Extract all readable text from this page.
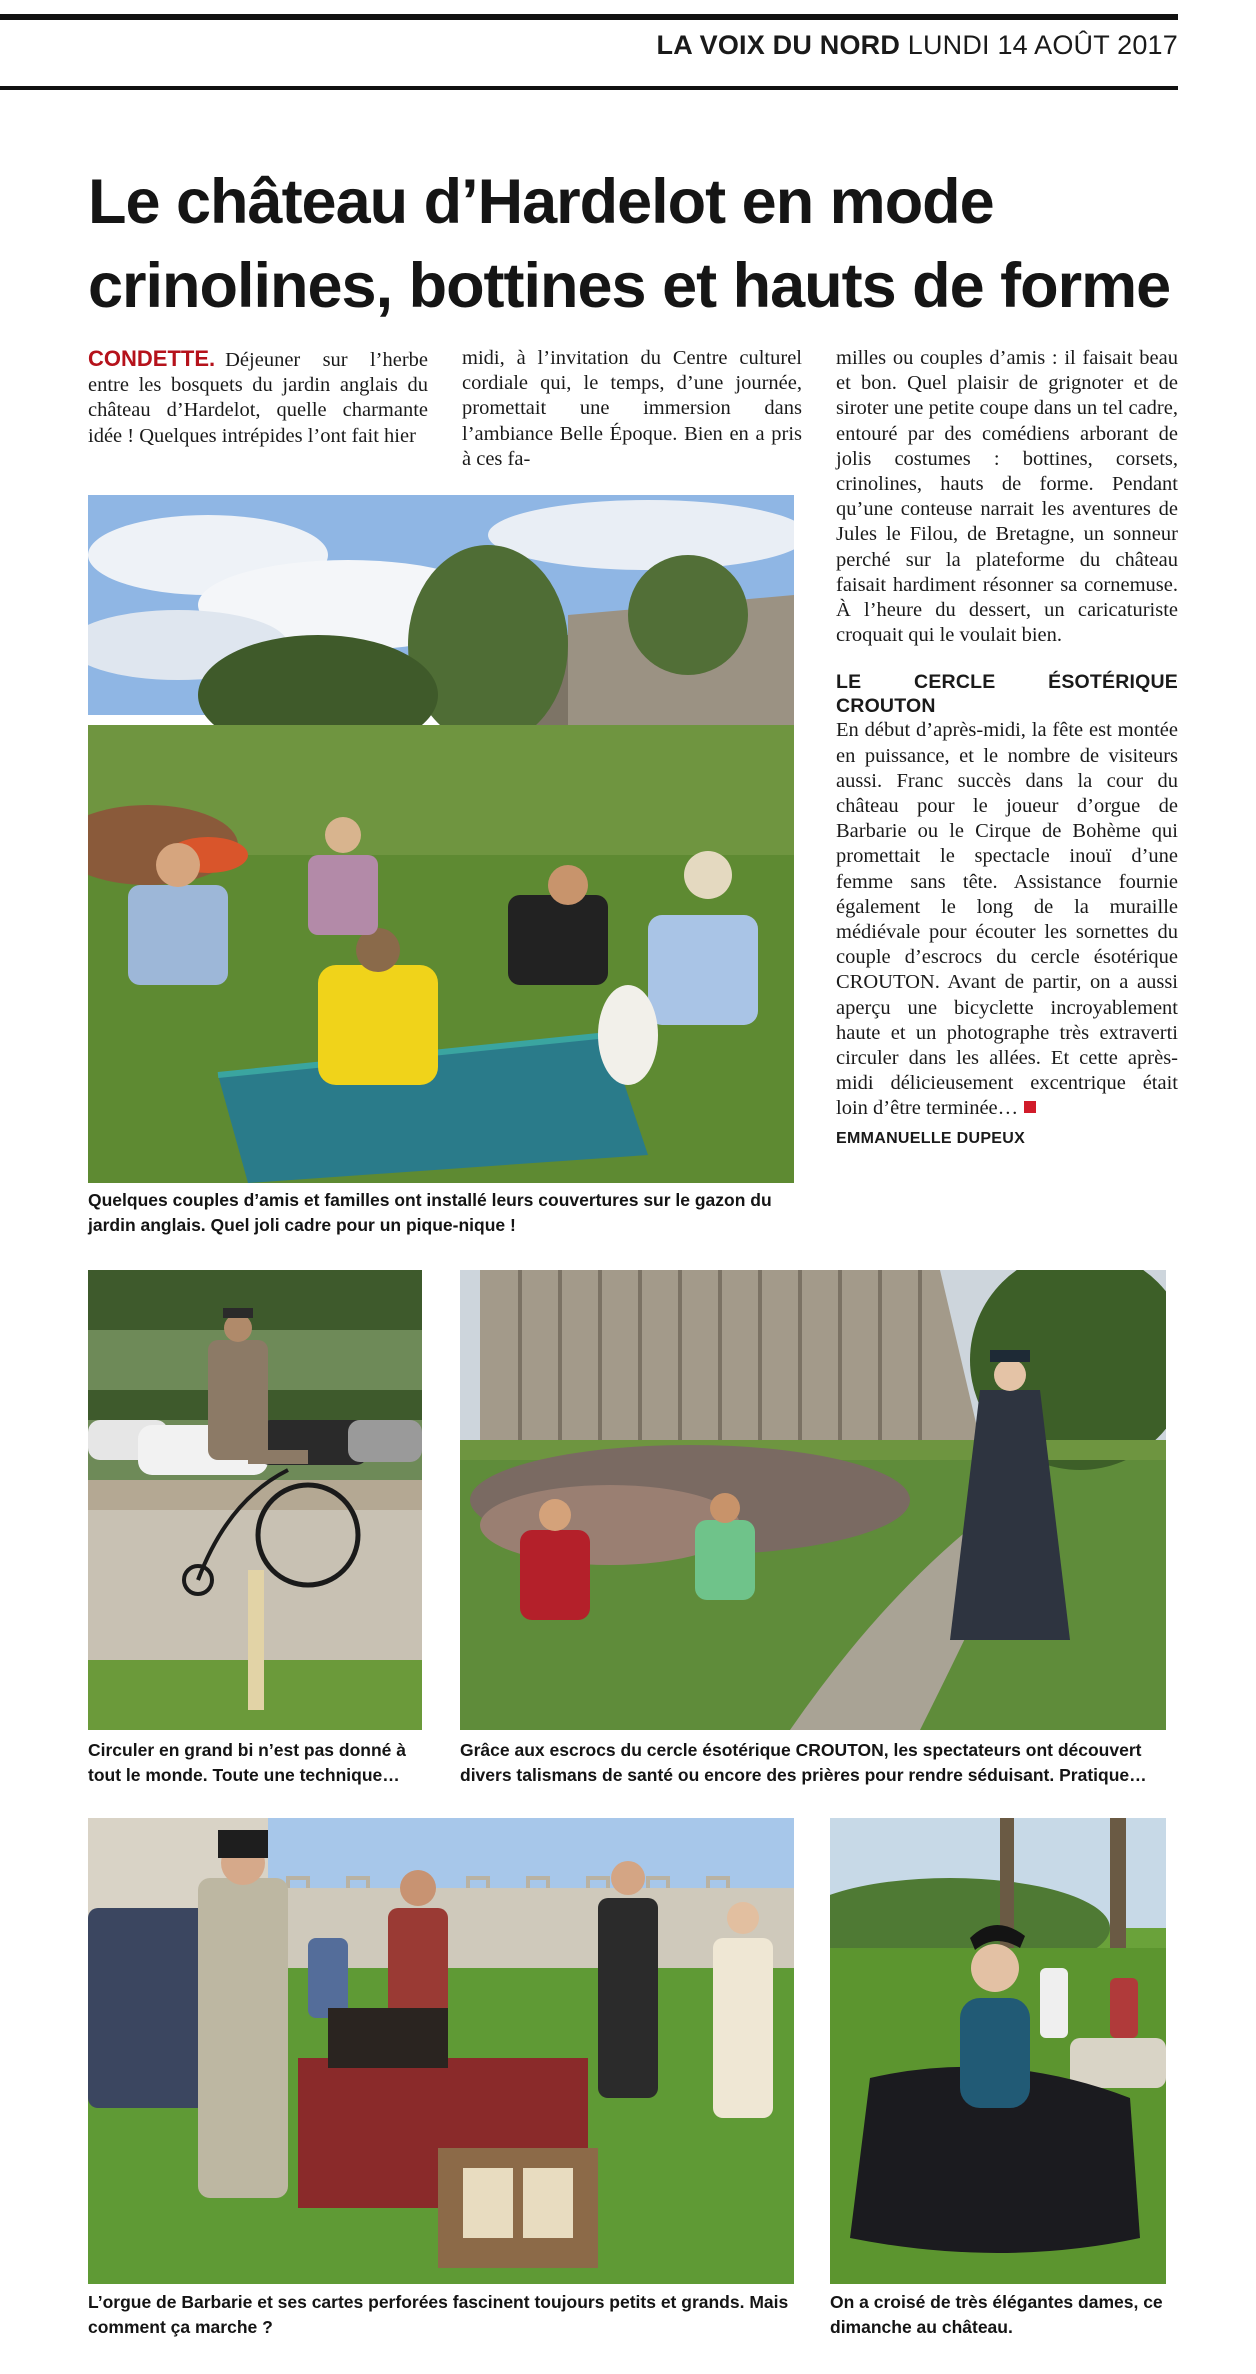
LA VOIX DU NORD LUNDI 14 AOÛT 2017
Le château d’Hardelot en mode
crinolines, bottines et hauts de forme

CONDETTE. Déjeuner sur l’herbe entre les bosquets du jardin anglais du château d’Hardelot, quelle charmante idée ! Quelques intrépides l’ont fait hier

midi, à l’invitation du Centre culturel cordiale qui, le temps, d’une journée, promettait une immersion dans l’ambiance Belle Époque. Bien en a pris à ces fa-

milles ou couples d’amis : il faisait beau et bon. Quel plaisir de grignoter et de siroter une petite coupe dans un tel cadre, entouré par des comédiens arborant de jolis costumes : bottines, corsets, crinolines, hauts de forme. Pendant qu’une conteuse narrait les aventures de Jules le Filou, de Bretagne, un sonneur perché sur la plateforme du château faisait hardiment résonner sa cornemuse. À l’heure du dessert, un caricaturiste croquait qui le voulait bien.

LE CERCLE ÉSOTÉRIQUE CROUTON

En début d’après-midi, la fête est montée en puissance, et le nombre de visiteurs aussi. Franc succès dans la cour du château pour le joueur d’orgue de Barbarie ou le Cirque de Bohème qui promettait le spectacle inouï d’une femme sans tête. Assistance fournie également le long de la muraille médiévale pour écouter les sornettes du couple d’escrocs du cercle ésotérique CROUTON. Avant de partir, on a aussi aperçu une bicyclette incroyablement haute et un photographe très extraverti circuler dans les allées. Et cette après-midi délicieusement excentrique était loin d’être terminée…

EMMANUELLE DUPEUX

Quelques couples d’amis et familles ont installé leurs couvertures sur le gazon du jardin anglais. Quel joli cadre pour un pique-nique !
Circuler en grand bi n’est pas donné à tout le monde. Toute une technique…
Grâce aux escrocs du cercle ésotérique CROUTON, les spectateurs ont découvert divers talismans de santé ou encore des prières pour rendre séduisant. Pratique…
L’orgue de Barbarie et ses cartes perforées fascinent toujours petits et grands. Mais comment ça marche ?
On a croisé de très élégantes dames, ce dimanche au château.
